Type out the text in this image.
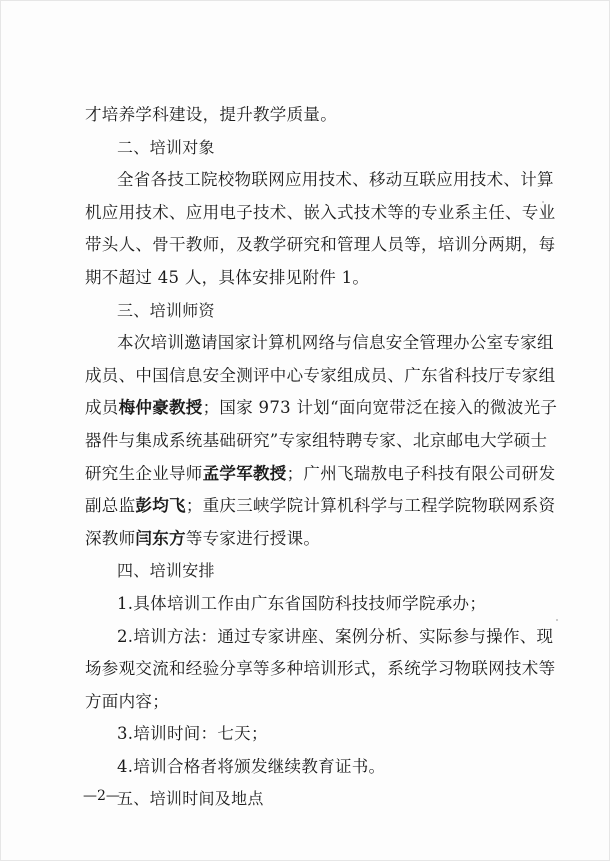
才培养学科建设，提升教学质量。
二、培训对象
全省各技工院校物联网应用技术、移动互联应用技术、计算
机应用技术、应用电子技术、嵌入式技术等的专业系主任、专业
带头人、骨干教师，及教学研究和管理人员等，培训分两期，每
期不超过 45 人，具体安排见附件 1。
三、培训师资
本次培训邀请国家计算机网络与信息安全管理办公室专家组
成员、中国信息安全测评中心专家组成员、广东省科技厅专家组
成员梅仲豪教授；国家 973 计划“面向宽带泛在接入的微波光子
器件与集成系统基础研究”专家组特聘专家、北京邮电大学硕士
研究生企业导师孟学军教授；广州飞瑞敖电子科技有限公司研发
副总监彭均飞；重庆三峡学院计算机科学与工程学院物联网系资
深教师闫东方等专家进行授课。
四、培训安排
1.具体培训工作由广东省国防科技技师学院承办；
2.培训方法：通过专家讲座、案例分析、实际参与操作、现
场参观交流和经验分享等多种培训形式，系统学习物联网技术等
方面内容；
3.培训时间：七天；
4.培训合格者将颁发继续教育证书。
五、培训时间及地点
—2—
